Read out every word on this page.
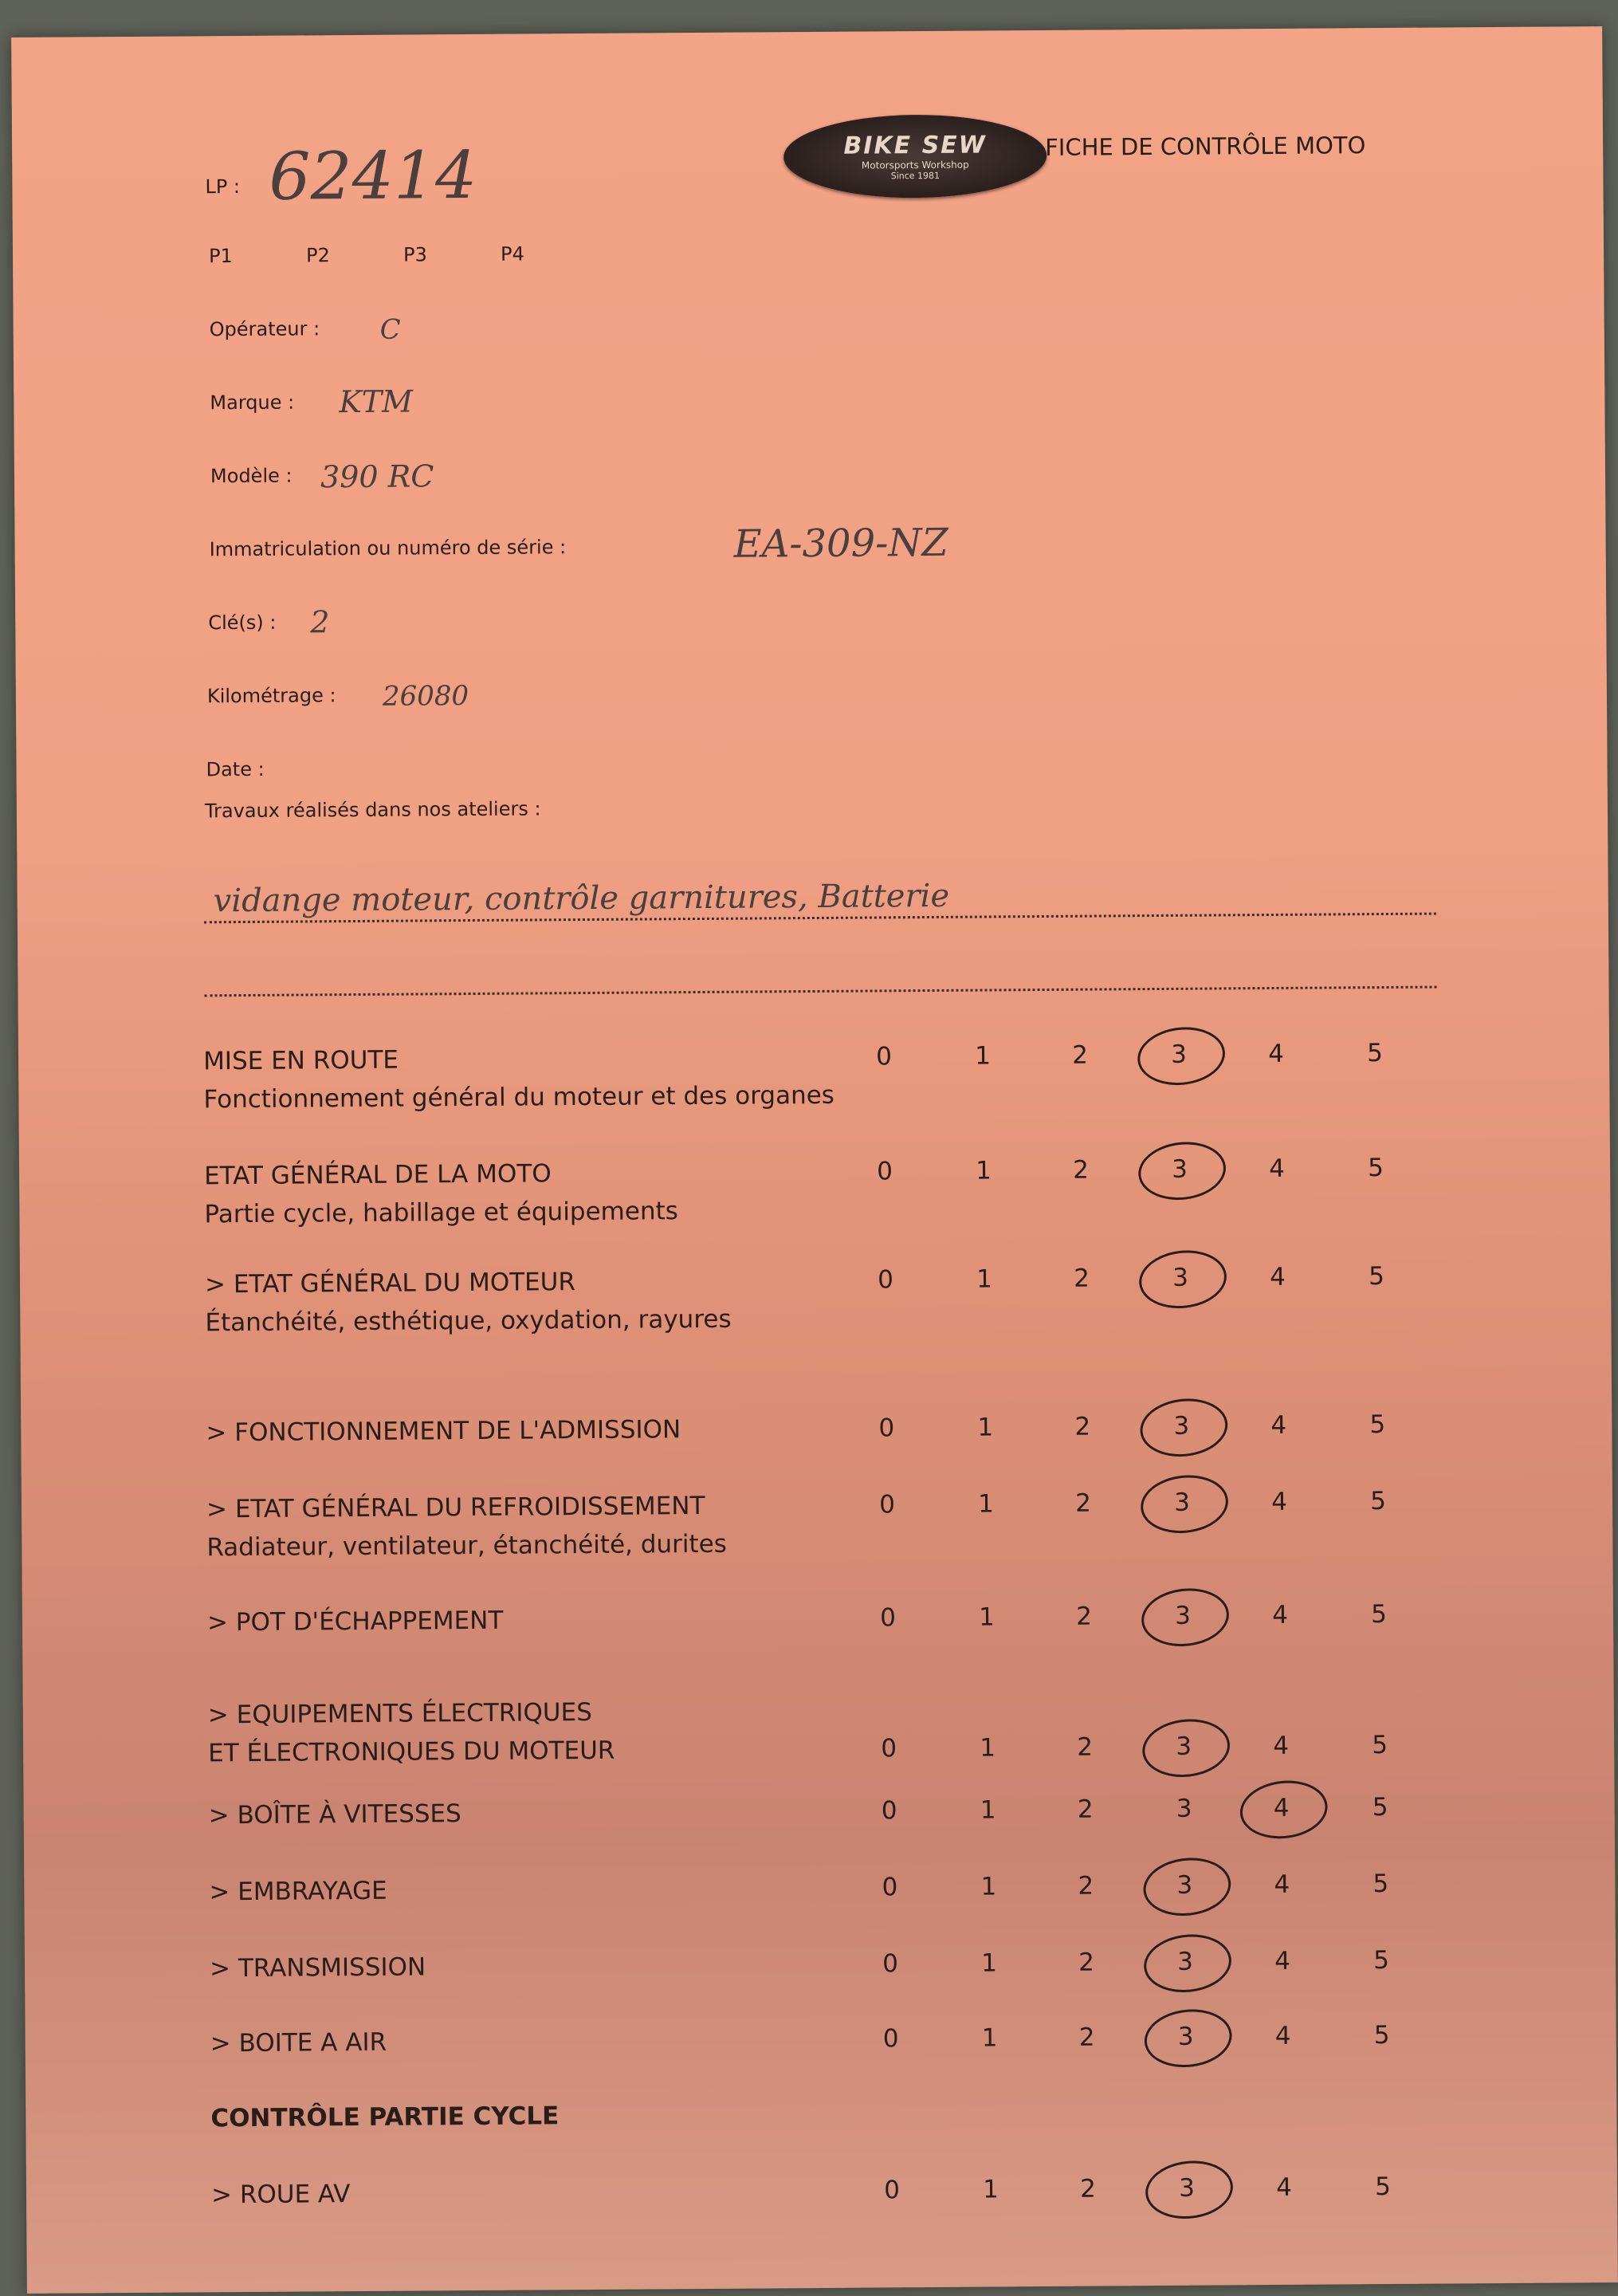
LP : 62414	BIKE SEW
Motorsports Workshop
Since 1981
FICHE DE CONTRÔLE MOTO
P1	P2	P3	P4
Opérateur : C
Marque : KTM
Modèle : 390 RC
Immatriculation ou numéro de série :	EA-309-NZ
Clé(s) : 2
Kilométrage : 26080
Date :
Travaux réalisés dans nos ateliers :
vidange moteur, contrôle garnitures, Batterie
MISE EN ROUTE
Fonctionnement général du moteur et des organes
0	1	2	3	4	5
ETAT GÉNÉRAL DE LA MOTO
Partie cycle, habillage et équipements
0	1	2	3	4	5
> ETAT GÉNÉRAL DU MOTEUR
Étanchéité, esthétique, oxydation, rayures
0	1	2	3	4	5
> FONCTIONNEMENT DE L'ADMISSION	0	1	2	3	4	5
> ETAT GÉNÉRAL DU REFROIDISSEMENT
Radiateur, ventilateur, étanchéité, durites
0	1	2	3	4	5
> POT D'ÉCHAPPEMENT	0	1	2	3	4	5
> EQUIPEMENTS ÉLECTRIQUES
ET ÉLECTRONIQUES DU MOTEUR	0	1	2	3	4	5
> BOÎTE À VITESSES	0	1	2	3	4	5
> EMBRAYAGE	0	1	2	3	4	5
> TRANSMISSION	0	1	2	3	4	5
> BOITE A AIR	0	1	2	3	4	5
CONTRÔLE PARTIE CYCLE
> ROUE AV	0	1	2	3	4	5
